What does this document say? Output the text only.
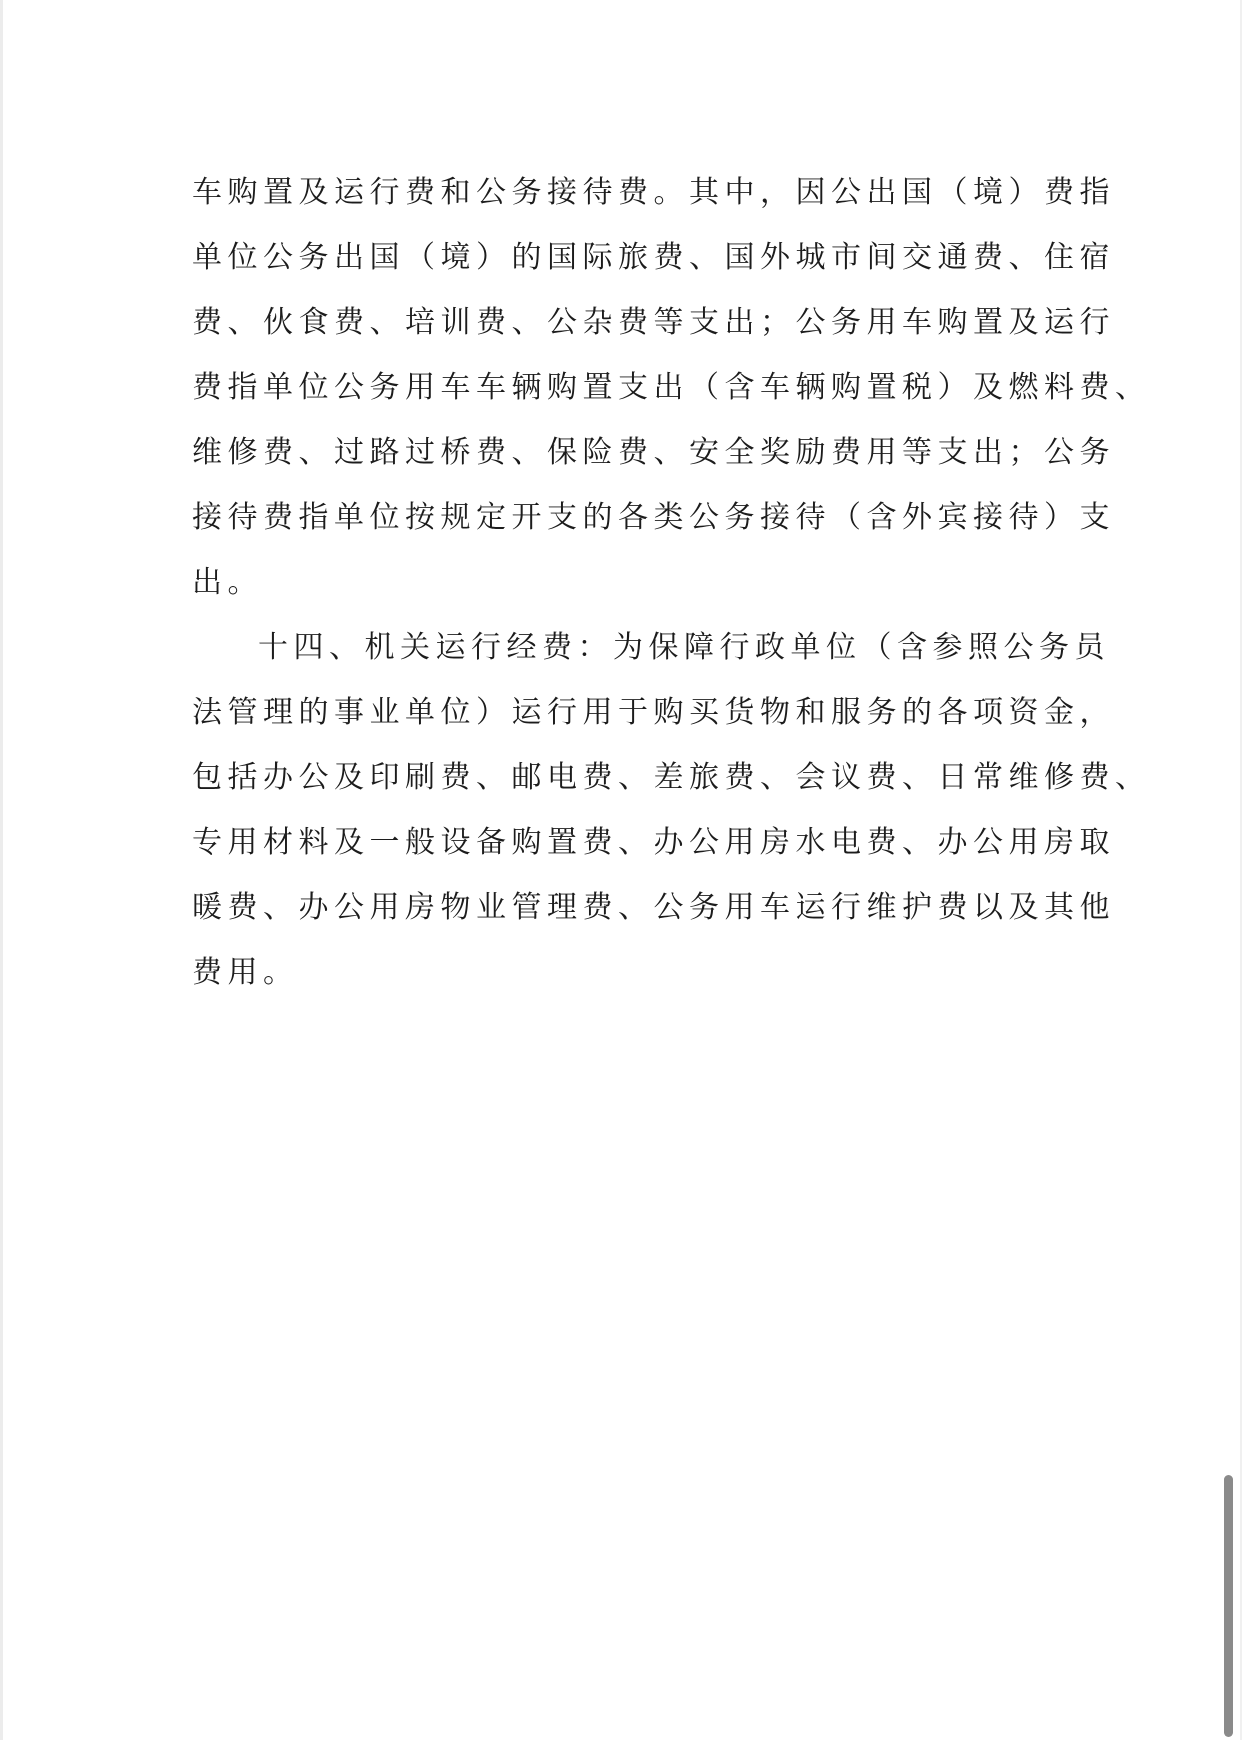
车购置及运行费和公务接待费。其中，因公出国（境）费指
单位公务出国（境）的国际旅费、国外城市间交通费、住宿
费、伙食费、培训费、公杂费等支出；公务用车购置及运行
费指单位公务用车车辆购置支出（含车辆购置税）及燃料费、
维修费、过路过桥费、保险费、安全奖励费用等支出；公务
接待费指单位按规定开支的各类公务接待（含外宾接待）支
出。
十四、机关运行经费：为保障行政单位（含参照公务员
法管理的事业单位）运行用于购买货物和服务的各项资金，
包括办公及印刷费、邮电费、差旅费、会议费、日常维修费、
专用材料及一般设备购置费、办公用房水电费、办公用房取
暖费、办公用房物业管理费、公务用车运行维护费以及其他
费用。
